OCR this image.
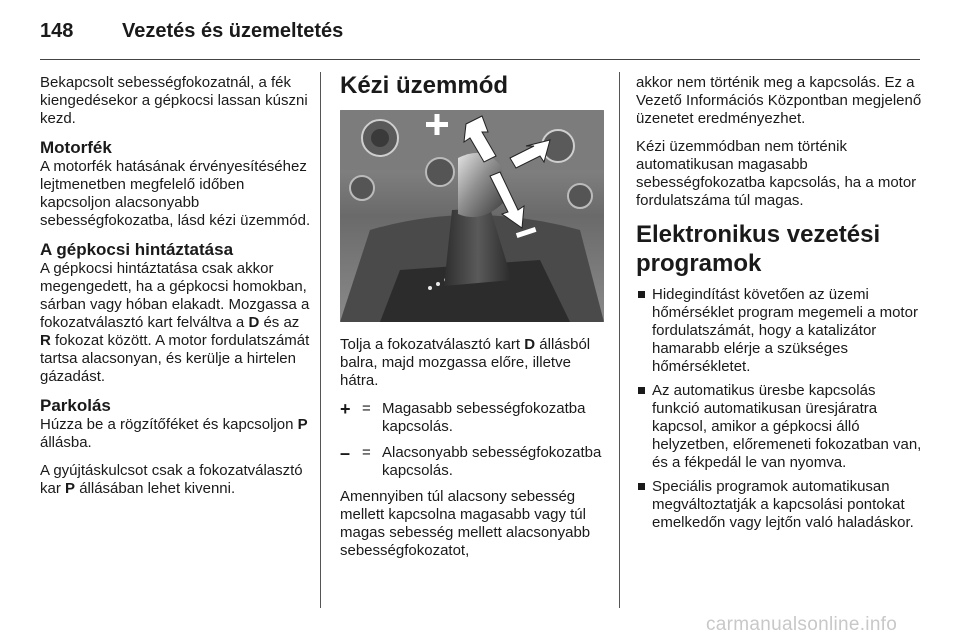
148 Vezetés és üzemeltetés

Bekapcsolt sebességfokozatnál, a fék kiengedésekor a gépkocsi lassan kúszni kezd.

Motorfék

A motorfék hatásának érvényesítéséhez lejtmenetben megfelelő időben kapcsoljon alacsonyabb sebességfokozatba, lásd kézi üzemmód.

A gépkocsi hintáztatása

A gépkocsi hintáztatása csak akkor megengedett, ha a gépkocsi homokban, sárban vagy hóban elakadt. Mozgassa a fokozatválasztó kart felváltva a D és az R fokozat között. A motor fordulatszámát tartsa alacsonyan, és kerülje a hirtelen gázadást.

Parkolás

Húzza be a rögzítőféket és kapcsoljon P állásba.

A gyújtáskulcsot csak a fokozatválasztó kar P állásában lehet kivenni.

Kézi üzemmód

Tolja a fokozatválasztó kart D állásból balra, majd mozgassa előre, illetve hátra.

+ = Magasabb sebességfokozatba kapcsolás.
– = Alacsonyabb sebességfokozatba kapcsolás.

Amennyiben túl alacsony sebesség mellett kapcsolna magasabb vagy túl magas sebesség mellett alacsonyabb sebességfokozatot,

akkor nem történik meg a kapcsolás. Ez a Vezető Információs Központban megjelenő üzenetet eredményezhet.

Kézi üzemmódban nem történik automatikusan magasabb sebességfokozatba kapcsolás, ha a motor fordulatszáma túl magas.

Elektronikus vezetési programok
Hidegindítást követően az üzemi hőmérséklet program megemeli a motor fordulatszámát, hogy a katalizátor hamarabb elérje a szükséges hőmérsékletet.
Az automatikus üresbe kapcsolás funkció automatikusan üresjáratra kapcsol, amikor a gépkocsi álló helyzetben, előremeneti fokozatban van, és a fékpedál le van nyomva.
Speciális programok automatikusan megváltoztatják a kapcsolási pontokat emelkedőn vagy lejtőn való haladáskor.
carmanualsonline.info
